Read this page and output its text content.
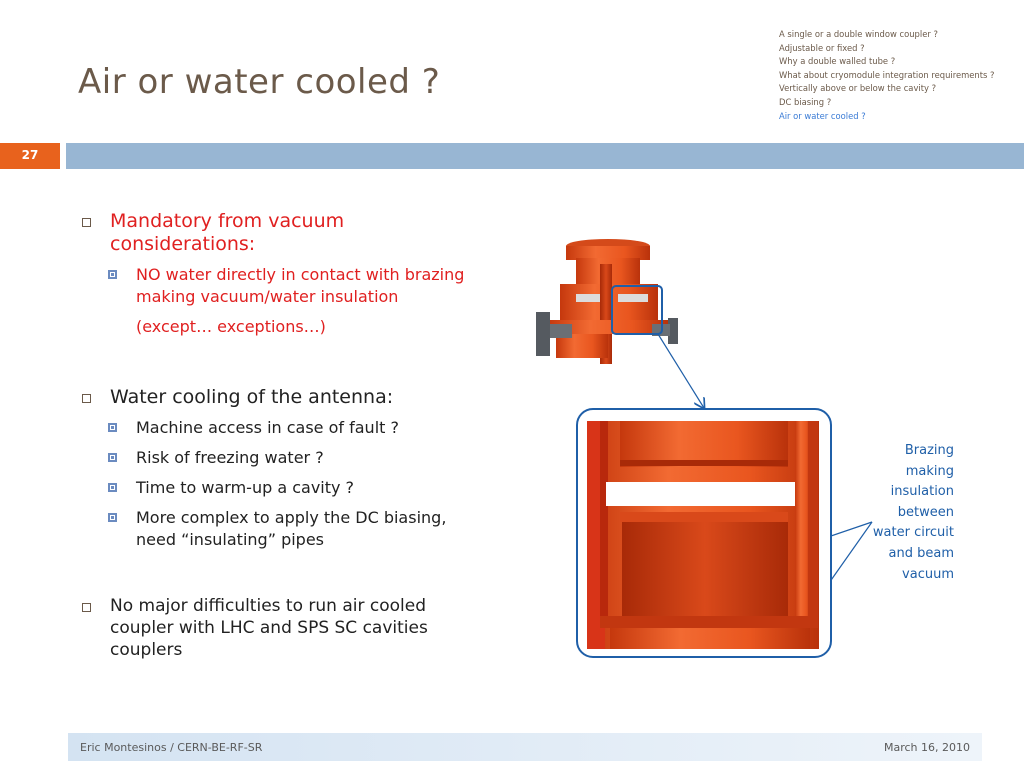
Air or water cooled ?
A single or a double window coupler ?
Adjustable or fixed ?
Why a double walled tube ?
What about cryomodule integration requirements ?
Vertically above or below the cavity ?
DC biasing ?
Air or water cooled ?
27
Mandatory from vacuum considerations:
NO water directly in contact with brazing making vacuum/water insulation
(except… exceptions…)
Water cooling of the antenna:
Machine access in case of fault ?
Risk of freezing water ?
Time to warm-up a cavity ?
More complex to apply the DC biasing, need “insulating” pipes
No major difficulties to run air cooled coupler with LHC and SPS SC cavities couplers
Brazing making insulation between water circuit and beam vacuum
Eric Montesinos / CERN-BE-RF-SR	March 16, 2010
